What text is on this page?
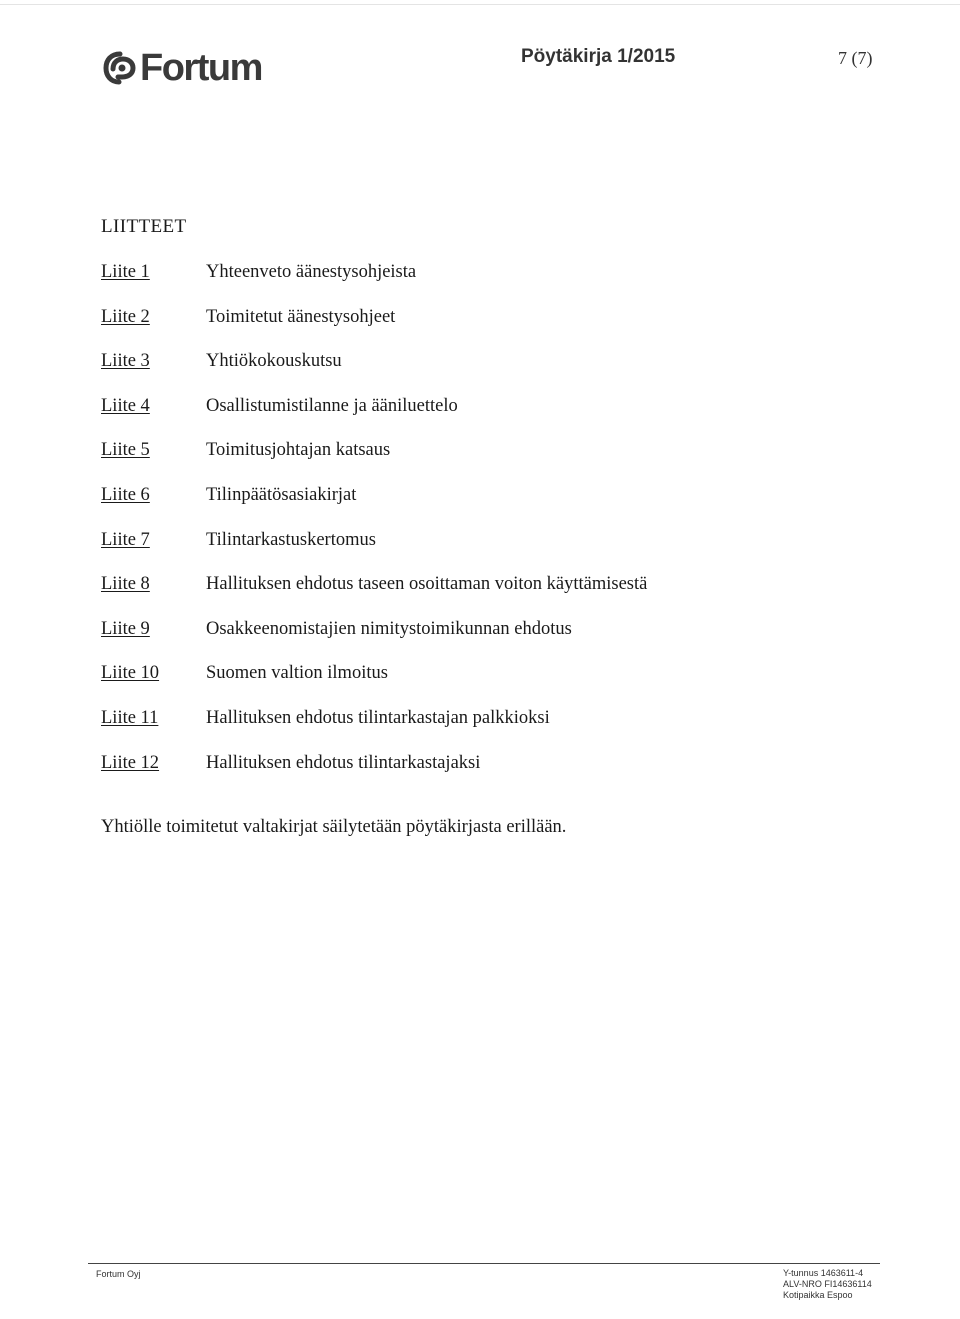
Fortum	Pöytäkirja 1/2015	7 (7)
LIITTEET
Liite 1	Yhteenveto äänestysohjeista
Liite 2	Toimitetut äänestysohjeet
Liite 3	Yhtiökokouskutsu
Liite 4	Osallistumistilanne ja ääniluettelo
Liite 5	Toimitusjohtajan katsaus
Liite 6	Tilinpäätösasiakirjat
Liite 7	Tilintarkastuskertomus
Liite 8	Hallituksen ehdotus taseen osoittaman voiton käyttämisestä
Liite 9	Osakkeenomistajien nimitystoimikunnan ehdotus
Liite 10	Suomen valtion ilmoitus
Liite 11	Hallituksen ehdotus tilintarkastajan palkkioksi
Liite 12	Hallituksen ehdotus tilintarkastajaksi
Yhtiölle toimitetut valtakirjat säilytetään pöytäkirjasta erillään.
Fortum Oyj	Y-tunnus 1463611-4
ALV-NRO FI14636114
Kotipaikka Espoo
